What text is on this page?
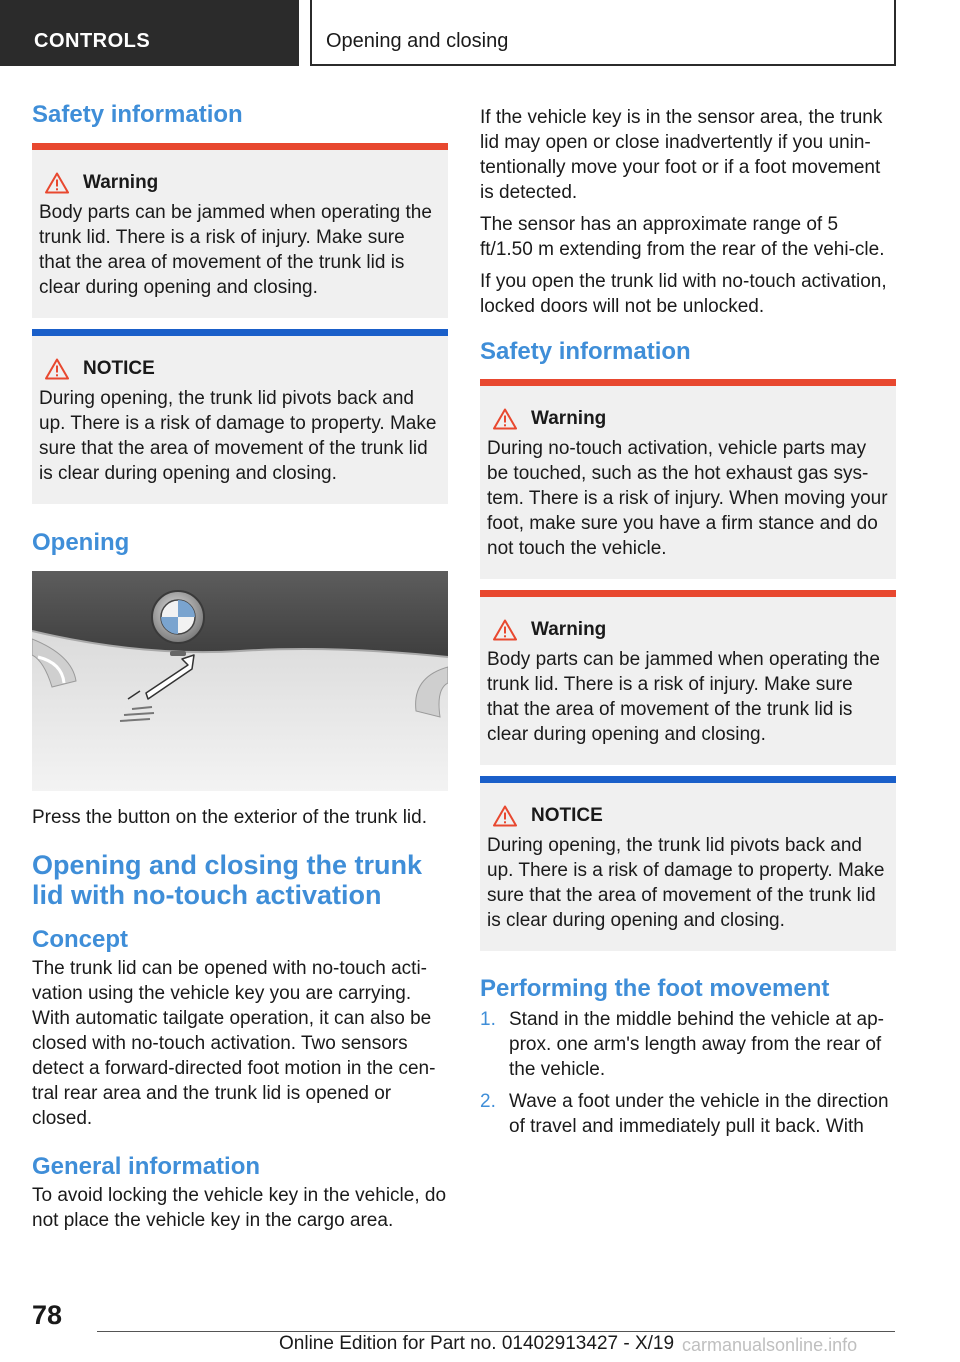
CONTROLS	Opening and closing
Safety information
Warning

Body parts can be jammed when operating the trunk lid. There is a risk of injury. Make sure that the area of movement of the trunk lid is clear during opening and closing.

NOTICE

During opening, the trunk lid pivots back and up. There is a risk of damage to property. Make sure that the area of movement of the trunk lid is clear during opening and closing.

Opening

Press the button on the exterior of the trunk lid.

Opening and closing the trunk lid with no-touch activation
Concept

The trunk lid can be opened with no-touch acti-vation using the vehicle key you are carrying. With automatic tailgate operation, it can also be closed with no-touch activation. Two sensors detect a forward-directed foot motion in the cen-tral rear area and the trunk lid is opened or closed.

General information

To avoid locking the vehicle key in the vehicle, do not place the vehicle key in the cargo area.

If the vehicle key is in the sensor area, the trunk lid may open or close inadvertently if you unin-tentionally move your foot or if a foot movement is detected.

The sensor has an approximate range of 5 ft/1.50 m extending from the rear of the vehi-cle.

If you open the trunk lid with no-touch activation, locked doors will not be unlocked.

Safety information
Warning

During no-touch activation, vehicle parts may be touched, such as the hot exhaust gas sys-tem. There is a risk of injury. When moving your foot, make sure you have a firm stance and do not touch the vehicle.

Warning

Body parts can be jammed when operating the trunk lid. There is a risk of injury. Make sure that the area of movement of the trunk lid is clear during opening and closing.

NOTICE

During opening, the trunk lid pivots back and up. There is a risk of damage to property. Make sure that the area of movement of the trunk lid is clear during opening and closing.

Performing the foot movement
1. Stand in the middle behind the vehicle at ap-prox. one arm's length away from the rear of the vehicle.
2. Wave a foot under the vehicle in the direction of travel and immediately pull it back. With
78
Online Edition for Part no. 01402913427 - X/19 carmanualsonline.info
